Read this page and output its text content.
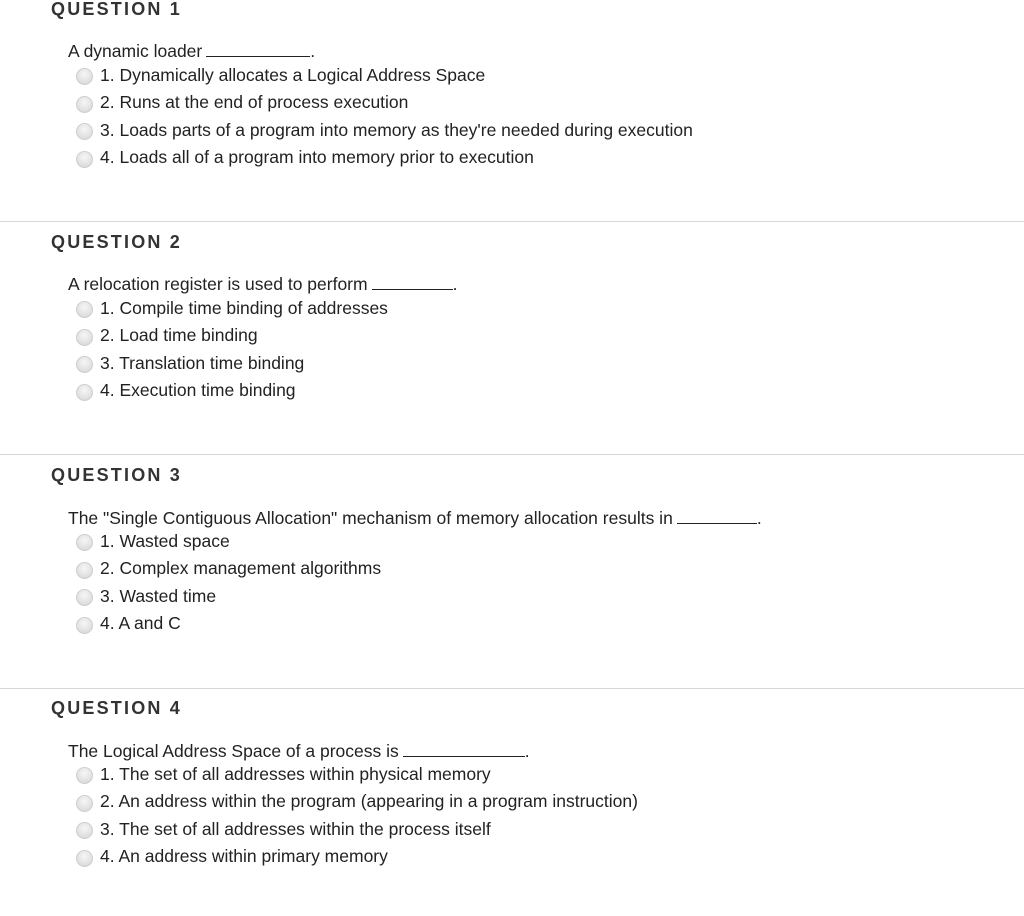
QUESTION 1
A dynamic loader	.
1. Dynamically allocates a Logical Address Space
2. Runs at the end of process execution
3. Loads parts of a program into memory as they're needed during execution
4. Loads all of a program into memory prior to execution
QUESTION 2
A relocation register is used to perform	.
1. Compile time binding of addresses
2. Load time binding
3. Translation time binding
4. Execution time binding
QUESTION 3
The "Single Contiguous Allocation" mechanism of memory allocation results in	.
1. Wasted space
2. Complex management algorithms
3. Wasted time
4. A and C
QUESTION 4
The Logical Address Space of a process is	.
1. The set of all addresses within physical memory
2. An address within the program (appearing in a program instruction)
3. The set of all addresses within the process itself
4. An address within primary memory
